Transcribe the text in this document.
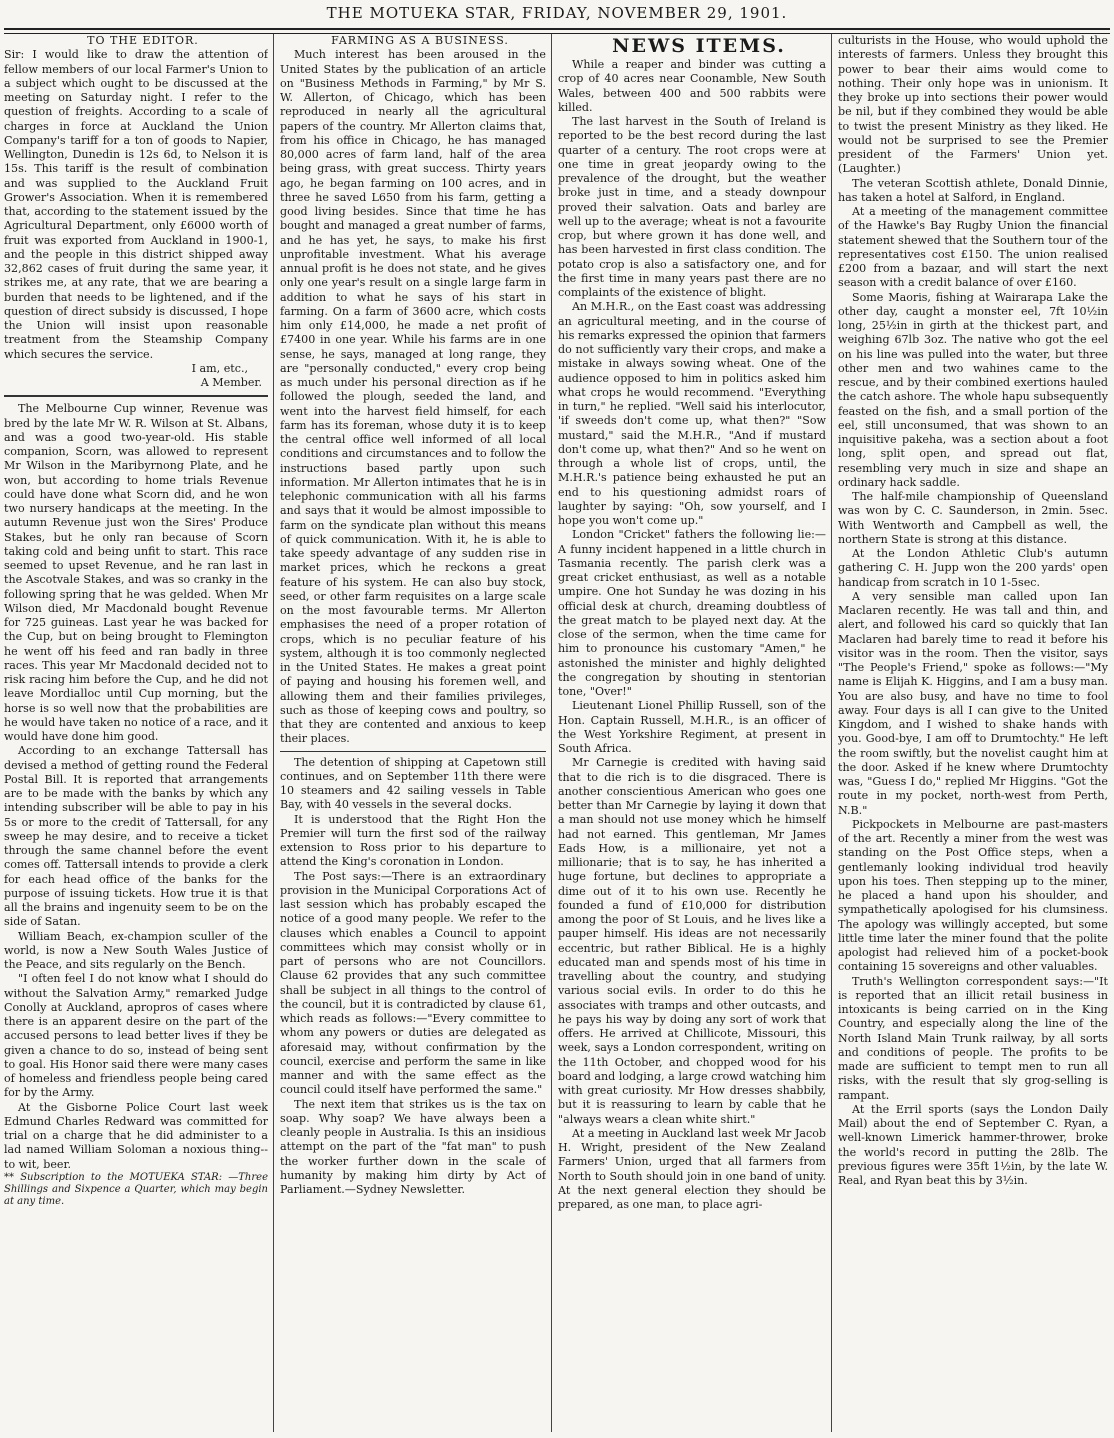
THE MOTUEKA STAR, FRIDAY, NOVEMBER 29, 1901.

TO THE EDITOR.

Sir: I would like to draw the attention of fellow members of our local Farmer's Union to a subject which ought to be discussed at the meeting on Saturday night. I refer to the question of freights. According to a scale of charges in force at Auckland the Union Company's tariff for a ton of goods to Napier, Wellington, Dunedin is 12s 6d, to Nelson it is 15s. This tariff is the result of combination and was supplied to the Auckland Fruit Grower's Association. When it is remembered that, according to the statement issued by the Agricultural Department, only £6000 worth of fruit was exported from Auckland in 1900-1, and the people in this district shipped away 32,862 cases of fruit during the same year, it strikes me, at any rate, that we are bearing a burden that needs to be lightened, and if the question of direct subsidy is discussed, I hope the Union will insist upon reasonable treatment from the Steamship Company which secures the service.

I am, etc.,

A Member.

The Melbourne Cup winner, Revenue was bred by the late Mr W. R. Wilson at St. Albans, and was a good two-year-old. His stable companion, Scorn, was allowed to represent Mr Wilson in the Maribyrnong Plate, and he won, but according to home trials Revenue could have done what Scorn did, and he won two nursery handicaps at the meeting. In the autumn Revenue just won the Sires' Produce Stakes, but he only ran because of Scorn taking cold and being unfit to start. This race seemed to upset Revenue, and he ran last in the Ascotvale Stakes, and was so cranky in the following spring that he was gelded. When Mr Wilson died, Mr Macdonald bought Revenue for 725 guineas. Last year he was backed for the Cup, but on being brought to Flemington he went off his feed and ran badly in three races. This year Mr Macdonald decided not to risk racing him before the Cup, and he did not leave Mordialloc until Cup morning, but the horse is so well now that the probabilities are he would have taken no notice of a race, and it would have done him good.

According to an exchange Tattersall has devised a method of getting round the Federal Postal Bill. It is reported that arrangements are to be made with the banks by which any intending subscriber will be able to pay in his 5s or more to the credit of Tattersall, for any sweep he may desire, and to receive a ticket through the same channel before the event comes off. Tattersall intends to provide a clerk for each head office of the banks for the purpose of issuing tickets. How true it is that all the brains and ingenuity seem to be on the side of Satan.

William Beach, ex-champion sculler of the world, is now a New South Wales Justice of the Peace, and sits regularly on the Bench.

"I often feel I do not know what I should do without the Salvation Army," remarked Judge Conolly at Auckland, apropros of cases where there is an apparent desire on the part of the accused persons to lead better lives if they be given a chance to do so, instead of being sent to goal. His Honor said there were many cases of homeless and friendless people being cared for by the Army.

At the Gisborne Police Court last week Edmund Charles Redward was committed for trial on a charge that he did administer to a lad named William Soloman a noxious thing--to wit, beer.

** Subscription to the MOTUEKA STAR: —Three Shillings and Sixpence a Quarter, which may begin at any time.

FARMING AS A BUSINESS.

Much interest has been aroused in the United States by the publication of an article on "Business Methods in Farming," by Mr S. W. Allerton, of Chicago, which has been reproduced in nearly all the agricultural papers of the country. Mr Allerton claims that, from his office in Chicago, he has managed 80,000 acres of farm land, half of the area being grass, with great success. Thirty years ago, he began farming on 100 acres, and in three he saved L650 from his farm, getting a good living besides. Since that time he has bought and managed a great number of farms, and he has yet, he says, to make his first unprofitable investment. What his average annual profit is he does not state, and he gives only one year's result on a single large farm in addition to what he says of his start in farming. On a farm of 3600 acre, which costs him only £14,000, he made a net profit of £7400 in one year. While his farms are in one sense, he says, managed at long range, they are "personally conducted," every crop being as much under his personal direction as if he followed the plough, seeded the land, and went into the harvest field himself, for each farm has its foreman, whose duty it is to keep the central office well informed of all local conditions and circumstances and to follow the instructions based partly upon such information. Mr Allerton intimates that he is in telephonic communication with all his farms and says that it would be almost impossible to farm on the syndicate plan without this means of quick communication. With it, he is able to take speedy advantage of any sudden rise in market prices, which he reckons a great feature of his system. He can also buy stock, seed, or other farm requisites on a large scale on the most favourable terms. Mr Allerton emphasises the need of a proper rotation of crops, which is no peculiar feature of his system, although it is too commonly neglected in the United States. He makes a great point of paying and housing his foremen well, and allowing them and their families privileges, such as those of keeping cows and poultry, so that they are contented and anxious to keep their places.

The detention of shipping at Capetown still continues, and on September 11th there were 10 steamers and 42 sailing vessels in Table Bay, with 40 vessels in the several docks.

It is understood that the Right Hon the Premier will turn the first sod of the railway extension to Ross prior to his departure to attend the King's coronation in London.

The Post says:—There is an extraordinary provision in the Municipal Corporations Act of last session which has probably escaped the notice of a good many people. We refer to the clauses which enables a Council to appoint committees which may consist wholly or in part of persons who are not Councillors. Clause 62 provides that any such committee shall be subject in all things to the control of the council, but it is contradicted by clause 61, which reads as follows:—"Every committee to whom any powers or duties are delegated as aforesaid may, without confirmation by the council, exercise and perform the same in like manner and with the same effect as the council could itself have performed the same."

The next item that strikes us is the tax on soap. Why soap? We have always been a cleanly people in Australia. Is this an insidious attempt on the part of the "fat man" to push the worker further down in the scale of humanity by making him dirty by Act of Parliament.—Sydney Newsletter.

NEWS ITEMS.

While a reaper and binder was cutting a crop of 40 acres near Coonamble, New South Wales, between 400 and 500 rabbits were killed.

The last harvest in the South of Ireland is reported to be the best record during the last quarter of a century. The root crops were at one time in great jeopardy owing to the prevalence of the drought, but the weather broke just in time, and a steady downpour proved their salvation. Oats and barley are well up to the average; wheat is not a favourite crop, but where grown it has done well, and has been harvested in first class condition. The potato crop is also a satisfactory one, and for the first time in many years past there are no complaints of the existence of blight.

An M.H.R., on the East coast was addressing an agricultural meeting, and in the course of his remarks expressed the opinion that farmers do not sufficiently vary their crops, and make a mistake in always sowing wheat. One of the audience opposed to him in politics asked him what crops he would recommend. "Everything in turn," he replied. "Well said his interlocutor, 'if sweeds don't come up, what then?" "Sow mustard," said the M.H.R., "And if mustard don't come up, what then?" And so he went on through a whole list of crops, until, the M.H.R.'s patience being exhausted he put an end to his questioning admidst roars of laughter by saying: "Oh, sow yourself, and I hope you won't come up."

London "Cricket" fathers the following lie:—A funny incident happened in a little church in Tasmania recently. The parish clerk was a great cricket enthusiast, as well as a notable umpire. One hot Sunday he was dozing in his official desk at church, dreaming doubtless of the great match to be played next day. At the close of the sermon, when the time came for him to pronounce his customary "Amen," he astonished the minister and highly delighted the congregation by shouting in stentorian tone, "Over!"

Lieutenant Lionel Phillip Russell, son of the Hon. Captain Russell, M.H.R., is an officer of the West Yorkshire Regiment, at present in South Africa.

Mr Carnegie is credited with having said that to die rich is to die disgraced. There is another conscientious American who goes one better than Mr Carnegie by laying it down that a man should not use money which he himself had not earned. This gentleman, Mr James Eads How, is a millionaire, yet not a millionarie; that is to say, he has inherited a huge fortune, but declines to appropriate a dime out of it to his own use. Recently he founded a fund of £10,000 for distribution among the poor of St Louis, and he lives like a pauper himself. His ideas are not necessarily eccentric, but rather Biblical. He is a highly educated man and spends most of his time in travelling about the country, and studying various social evils. In order to do this he associates with tramps and other outcasts, and he pays his way by doing any sort of work that offers. He arrived at Chillicote, Missouri, this week, says a London correspondent, writing on the 11th October, and chopped wood for his board and lodging, a large crowd watching him with great curiosity. Mr How dresses shabbily, but it is reassuring to learn by cable that he "always wears a clean white shirt."

At a meeting in Auckland last week Mr Jacob H. Wright, president of the New Zealand Farmers' Union, urged that all farmers from North to South should join in one band of unity. At the next general election they should be prepared, as one man, to place agri-

culturists in the House, who would uphold the interests of farmers. Unless they brought this power to bear their aims would come to nothing. Their only hope was in unionism. It they broke up into sections their power would be nil, but if they combined they would be able to twist the present Ministry as they liked. He would not be surprised to see the Premier president of the Farmers' Union yet. (Laughter.)

The veteran Scottish athlete, Donald Dinnie, has taken a hotel at Salford, in England.

At a meeting of the management committee of the Hawke's Bay Rugby Union the financial statement shewed that the Southern tour of the representatives cost £150. The union realised £200 from a bazaar, and will start the next season with a credit balance of over £160.

Some Maoris, fishing at Wairarapa Lake the other day, caught a monster eel, 7ft 10½in long, 25½in in girth at the thickest part, and weighing 67lb 3oz. The native who got the eel on his line was pulled into the water, but three other men and two wahines came to the rescue, and by their combined exertions hauled the catch ashore. The whole hapu subsequently feasted on the fish, and a small portion of the eel, still unconsumed, that was shown to an inquisitive pakeha, was a section about a foot long, split open, and spread out flat, resembling very much in size and shape an ordinary hack saddle.

The half-mile championship of Queensland was won by C. C. Saunderson, in 2min. 5sec. With Wentworth and Campbell as well, the northern State is strong at this distance.

At the London Athletic Club's autumn gathering C. H. Jupp won the 200 yards' open handicap from scratch in 10 1-5sec.

A very sensible man called upon Ian Maclaren recently. He was tall and thin, and alert, and followed his card so quickly that Ian Maclaren had barely time to read it before his visitor was in the room. Then the visitor, says "The People's Friend," spoke as follows:—"My name is Elijah K. Higgins, and I am a busy man. You are also busy, and have no time to fool away. Four days is all I can give to the United Kingdom, and I wished to shake hands with you. Good-bye, I am off to Drumtochty." He left the room swiftly, but the novelist caught him at the door. Asked if he knew where Drumtochty was, "Guess I do," replied Mr Higgins. "Got the route in my pocket, north-west from Perth, N.B."

Pickpockets in Melbourne are past-masters of the art. Recently a miner from the west was standing on the Post Office steps, when a gentlemanly looking individual trod heavily upon his toes. Then stepping up to the miner, he placed a hand upon his shoulder, and sympathetically apologised for his clumsiness. The apology was willingly accepted, but some little time later the miner found that the polite apologist had relieved him of a pocket-book containing 15 sovereigns and other valuables.

Truth's Wellington correspondent says:—"It is reported that an illicit retail business in intoxicants is being carried on in the King Country, and especially along the line of the North Island Main Trunk railway, by all sorts and conditions of people. The profits to be made are sufficient to tempt men to run all risks, with the result that sly grog-selling is rampant.

At the Erril sports (says the London Daily Mail) about the end of September C. Ryan, a well-known Limerick hammer-thrower, broke the world's record in putting the 28lb. The previous figures were 35ft 1½in, by the late W. Real, and Ryan beat this by 3½in.
